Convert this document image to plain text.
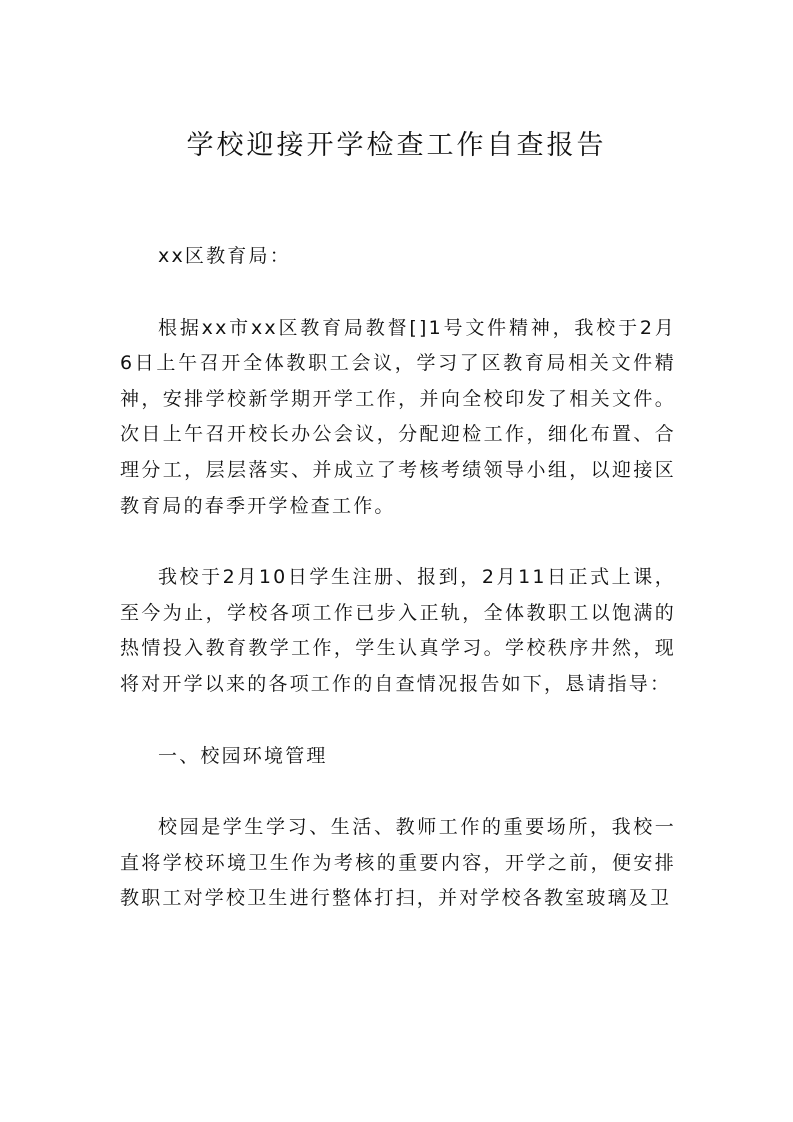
学校迎接开学检查工作自查报告

xx区教育局：

根据xx市xx区教育局教督[]1号文件精神，我校于2月6日上午召开全体教职工会议，学习了区教育局相关文件精神，安排学校新学期开学工作，并向全校印发了相关文件。次日上午召开校长办公会议，分配迎检工作，细化布置、合理分工，层层落实、并成立了考核考绩领导小组，以迎接区教育局的春季开学检查工作。

我校于2月10日学生注册、报到，2月11日正式上课，至今为止，学校各项工作已步入正轨，全体教职工以饱满的热情投入教育教学工作，学生认真学习。学校秩序井然，现将对开学以来的各项工作的自查情况报告如下，恳请指导：

一、校园环境管理

校园是学生学习、生活、教师工作的重要场所，我校一直将学校环境卫生作为考核的重要内容，开学之前，便安排教职工对学校卫生进行整体打扫，并对学校各教室玻璃及卫
